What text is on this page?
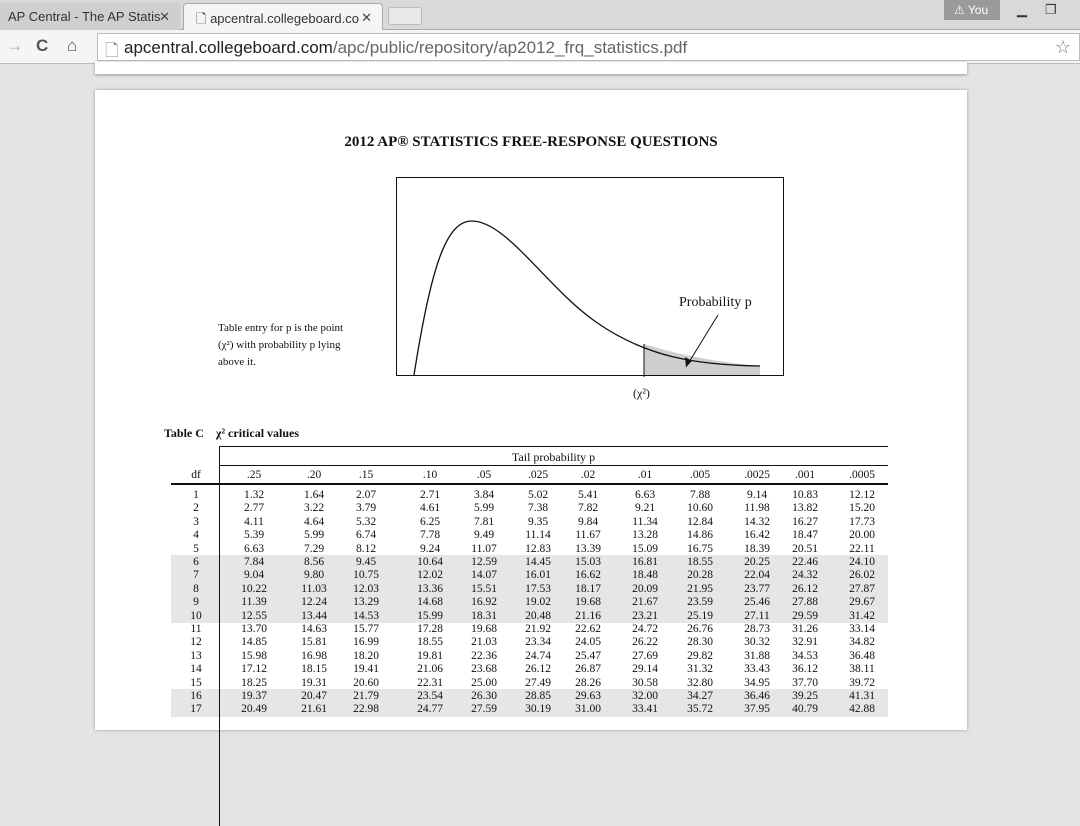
AP Central - The AP Statis
✕	🗋 apcentral.collegeboard.co ✕	⚠ You	▁ ❐
→ C ⌂ 🗋 apcentral.collegeboard.com/apc/public/repository/ap2012_frq_statistics.pdf	☆
2012 AP® STATISTICS FREE-RESPONSE QUESTIONS
Probability p
(χ²)
Table entry for p is the point
(χ²) with probability p lying
above it.
Table C χ² critical values
Tail probability p
df	.25	.20	.15	.10	.05	.025	.02	.01	.005	.0025	.001	.0005
1	1.32	1.64	2.07	2.71	3.84	5.02	5.41	6.63	7.88	9.14	10.83	12.12
2	2.77	3.22	3.79	4.61	5.99	7.38	7.82	9.21	10.60	11.98	13.82	15.20
3	4.11	4.64	5.32	6.25	7.81	9.35	9.84	11.34	12.84	14.32	16.27	17.73
4	5.39	5.99	6.74	7.78	9.49	11.14	11.67	13.28	14.86	16.42	18.47	20.00
5	6.63	7.29	8.12	9.24	11.07	12.83	13.39	15.09	16.75	18.39	20.51	22.11
6	7.84	8.56	9.45	10.64	12.59	14.45	15.03	16.81	18.55	20.25	22.46	24.10
7	9.04	9.80	10.75	12.02	14.07	16.01	16.62	18.48	20.28	22.04	24.32	26.02
8	10.22	11.03	12.03	13.36	15.51	17.53	18.17	20.09	21.95	23.77	26.12	27.87
9	11.39	12.24	13.29	14.68	16.92	19.02	19.68	21.67	23.59	25.46	27.88	29.67
10	12.55	13.44	14.53	15.99	18.31	20.48	21.16	23.21	25.19	27.11	29.59	31.42
11	13.70	14.63	15.77	17.28	19.68	21.92	22.62	24.72	26.76	28.73	31.26	33.14
12	14.85	15.81	16.99	18.55	21.03	23.34	24.05	26.22	28.30	30.32	32.91	34.82
13	15.98	16.98	18.20	19.81	22.36	24.74	25.47	27.69	29.82	31.88	34.53	36.48
14	17.12	18.15	19.41	21.06	23.68	26.12	26.87	29.14	31.32	33.43	36.12	38.11
15	18.25	19.31	20.60	22.31	25.00	27.49	28.26	30.58	32.80	34.95	37.70	39.72
16	19.37	20.47	21.79	23.54	26.30	28.85	29.63	32.00	34.27	36.46	39.25	41.31
17	20.49	21.61	22.98	24.77	27.59	30.19	31.00	33.41	35.72	37.95	40.79	42.88
